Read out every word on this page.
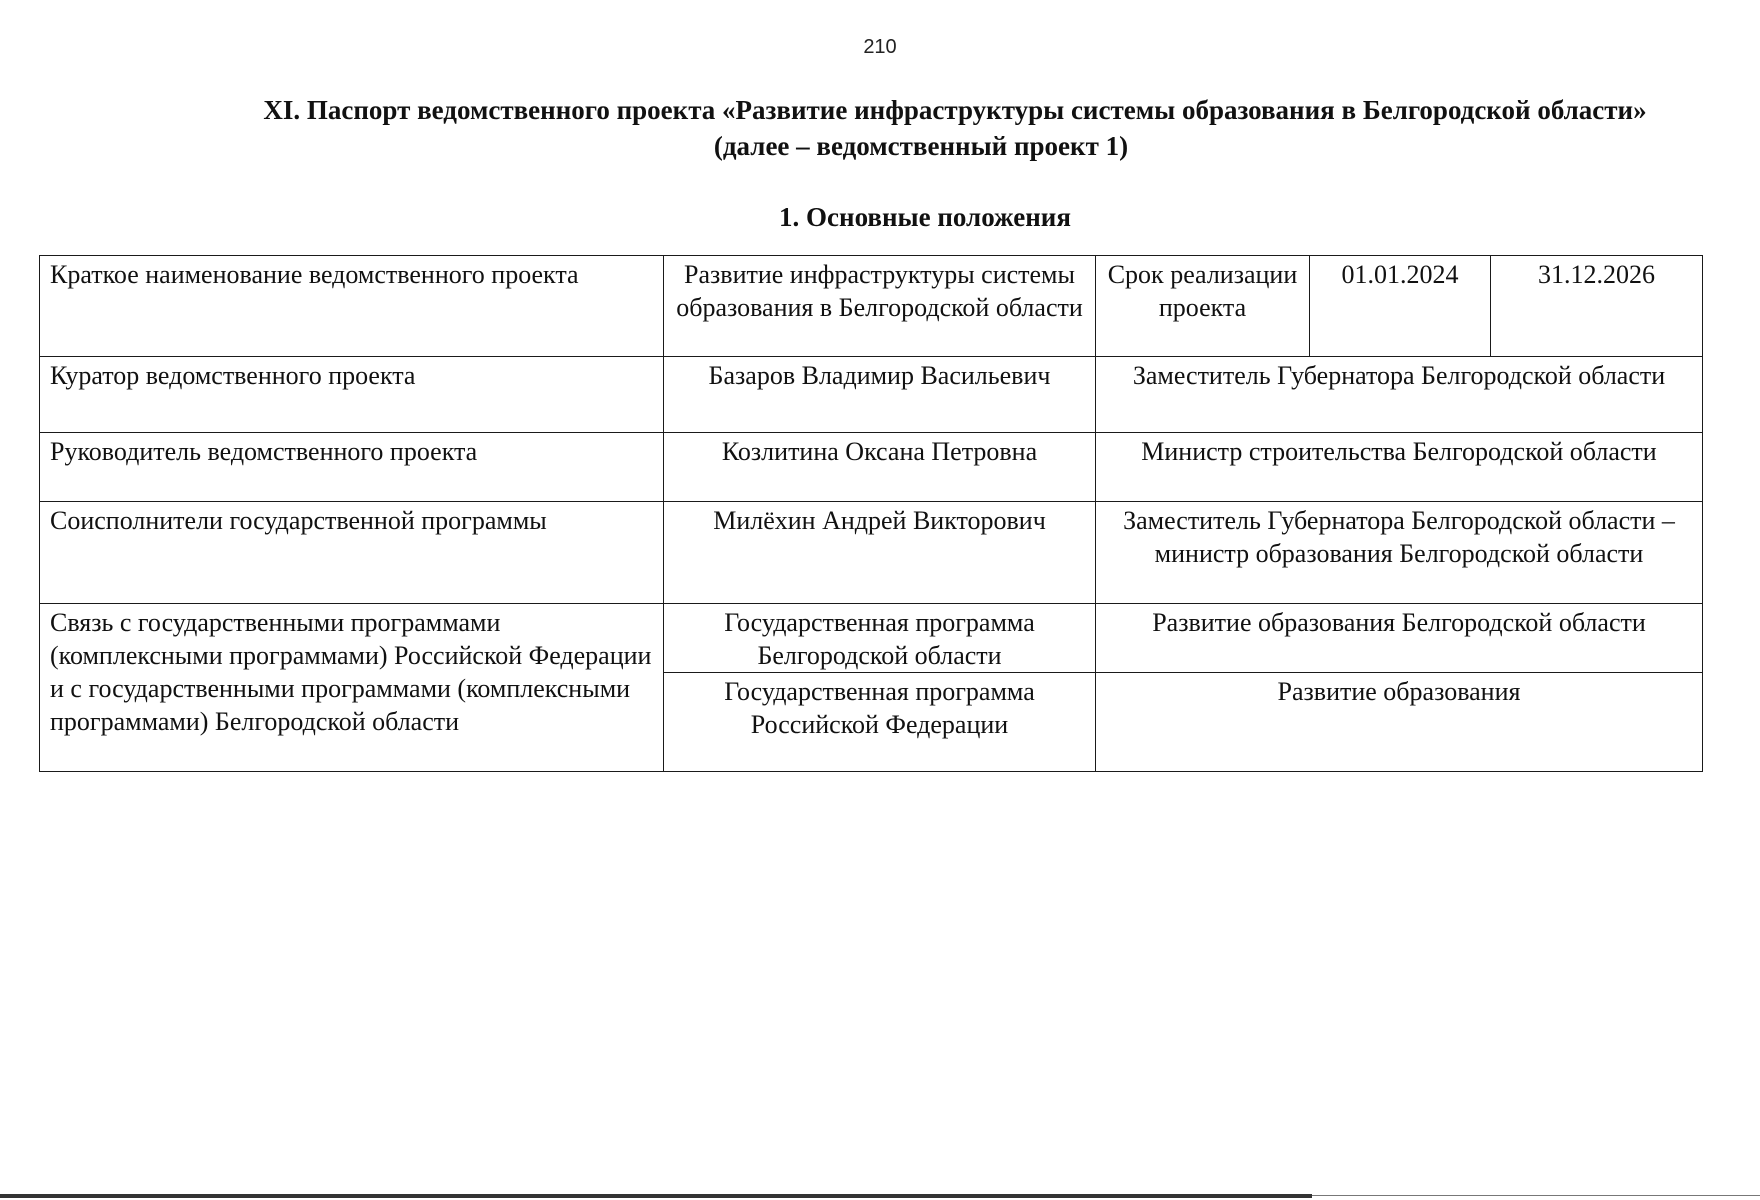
210
XI. Паспорт ведомственного проекта «Развитие инфраструктуры системы образования в Белгородской области»
(далее – ведомственный проект 1)
1. Основные положения
Краткое наименование ведомственного проекта	Развитие инфраструктуры системы образования в Белгородской области	Срок реализации проекта	01.01.2024	31.12.2026
Куратор ведомственного проекта	Базаров Владимир Васильевич	Заместитель Губернатора Белгородской области		
Руководитель ведомственного проекта	Козлитина Оксана Петровна	Министр строительства Белгородской области		
Соисполнители государственной программы	Милёхин Андрей Викторович	Заместитель Губернатора Белгородской области – министр образования Белгородской области		
Связь с государственными программами (комплексными программами) Российской Федерации и с государственными программами (комплексными программами) Белгородской области	Государственная программа Белгородской области	Развитие образования Белгородской области		
	Государственная программа Российской Федерации	Развитие образования		
